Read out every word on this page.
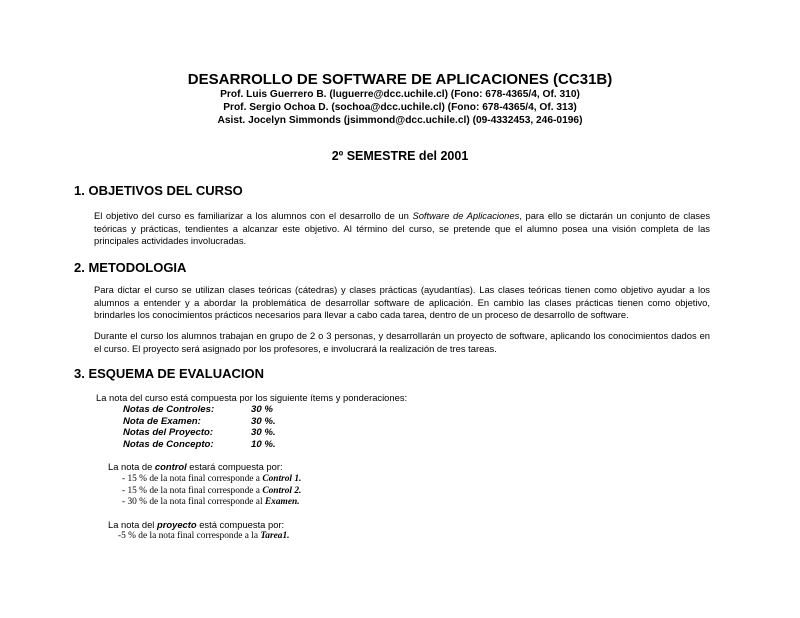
DESARROLLO DE SOFTWARE DE APLICACIONES (CC31B)
Prof. Luis Guerrero B. (luguerre@dcc.uchile.cl) (Fono: 678-4365/4, Of. 310)
Prof. Sergio Ochoa D. (sochoa@dcc.uchile.cl) (Fono: 678-4365/4, Of. 313)
Asist. Jocelyn Simmonds (jsimmond@dcc.uchile.cl) (09-4332453, 246-0196)
2º SEMESTRE del 2001
1. OBJETIVOS DEL CURSO
El objetivo del curso es familiarizar a los alumnos con el desarrollo de un Software de Aplicaciones, para ello se dictarán un conjunto de clases teóricas y prácticas, tendientes a alcanzar este objetivo. Al término del curso, se pretende que el alumno posea una visión completa de las principales actividades involucradas.
2. METODOLOGIA
Para dictar el curso se utilizan clases teóricas (cátedras) y clases prácticas (ayudantías). Las clases teóricas tienen como objetivo ayudar a los alumnos a entender y a abordar la problemática de desarrollar software de aplicación. En cambio las clases prácticas tienen como objetivo, brindarles los conocimientos prácticos necesarios para llevar a cabo cada tarea, dentro de un proceso de desarrollo de software.
Durante el curso los alumnos trabajan en grupo de 2 o 3 personas, y desarrollarán un proyecto de software, aplicando los conocimientos dados en el curso. El proyecto será asignado por los profesores, e involucrará la realización de tres tareas.
3. ESQUEMA DE EVALUACION
La nota del curso está compuesta por los siguiente ítems y ponderaciones:
Notas de Controles:	30 %
Nota de Examen:	30 %.
Notas del Proyecto:	30 %.
Notas de Concepto:	10 %.
La nota de control estará compuesta por:
- 15 % de la nota final corresponde a Control 1.
- 15 % de la nota final corresponde a Control 2.
- 30 % de la nota final corresponde al Examen.
La nota del proyecto está compuesta por:
-5 % de la nota final corresponde a la Tarea1.
